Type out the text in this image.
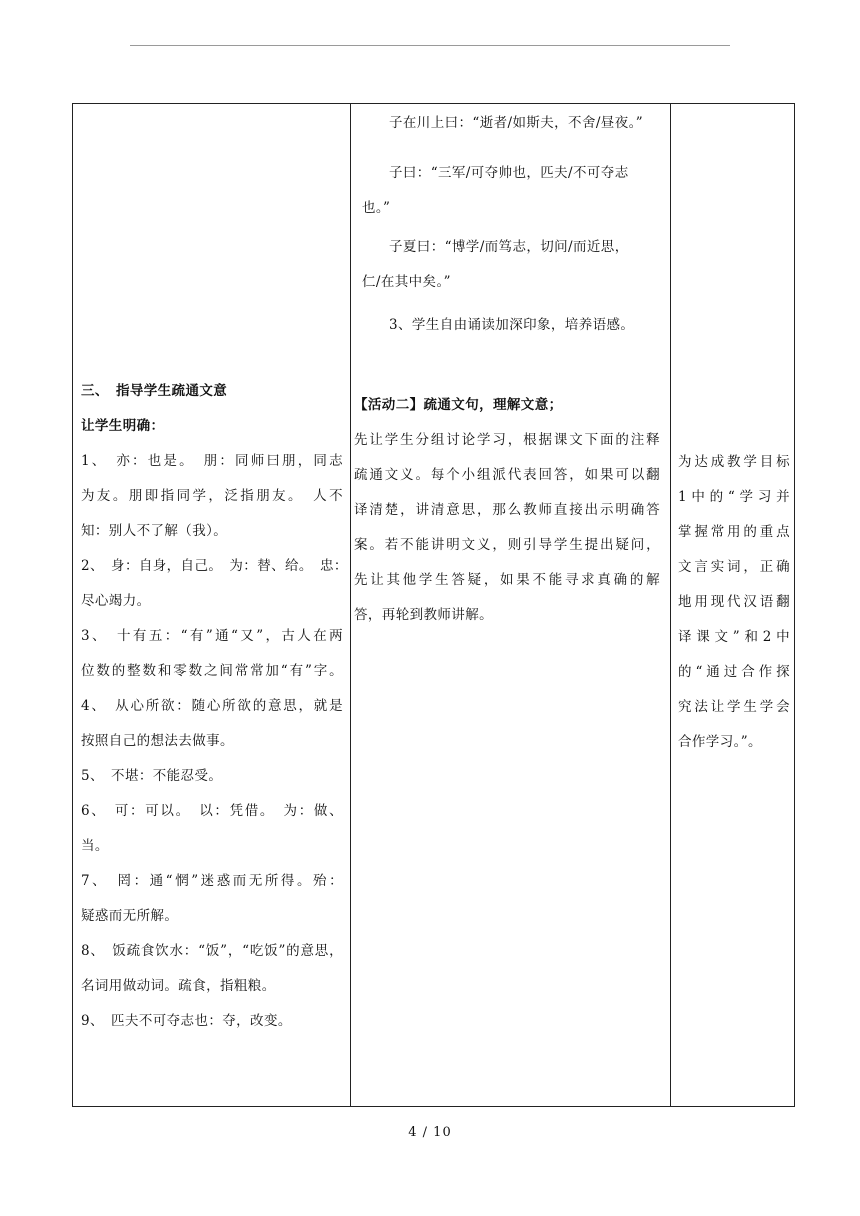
三、　指导学生疏通文意
让学生明确：
1、　亦：也是。　朋：同师曰朋，同志
为友。朋即指同学，泛指朋友。　人不
知：别人不了解（我）。
2、　身：自身，自己。　为：替、给。　忠：
尽心竭力。
3、　十有五：“有”通“又”，古人在两
位数的整数和零数之间常常加“有”字。
4、　从心所欲：随心所欲的意思，就是
按照自己的想法去做事。
5、　不堪：不能忍受。
6、　可：可以。　以：凭借。　为：做、
当。
7、　罔：通“惘”迷惑而无所得。殆：
疑惑而无所解。
8、　饭疏食饮水：“饭”，“吃饭”的意思，
名词用做动词。疏食，指粗粮。
9、　匹夫不可夺志也：夺，改变。
子在川上曰：“逝者/如斯夫，不舍/昼夜。”
子曰：“三军/可夺帅也，匹夫/不可夺志
也。”
子夏曰：“博学/而笃志，切问/而近思，
仁/在其中矣。”
3、学生自由诵读加深印象，培养语感。
【活动二】疏通文句，理解文意；
先让学生分组讨论学习，根据课文下面的注释
疏通文义。每个小组派代表回答，如果可以翻
译清楚，讲清意思，那么教师直接出示明确答
案。若不能讲明文义，则引导学生提出疑问，
先让其他学生答疑，如果不能寻求真确的解
答，再轮到教师讲解。
为达成教学目标
1中的“学习并
掌握常用的重点
文言实词，正确
地用现代汉语翻
译课文”和2中
的“通过合作探
究法让学生学会
合作学习。”。
4 / 10
